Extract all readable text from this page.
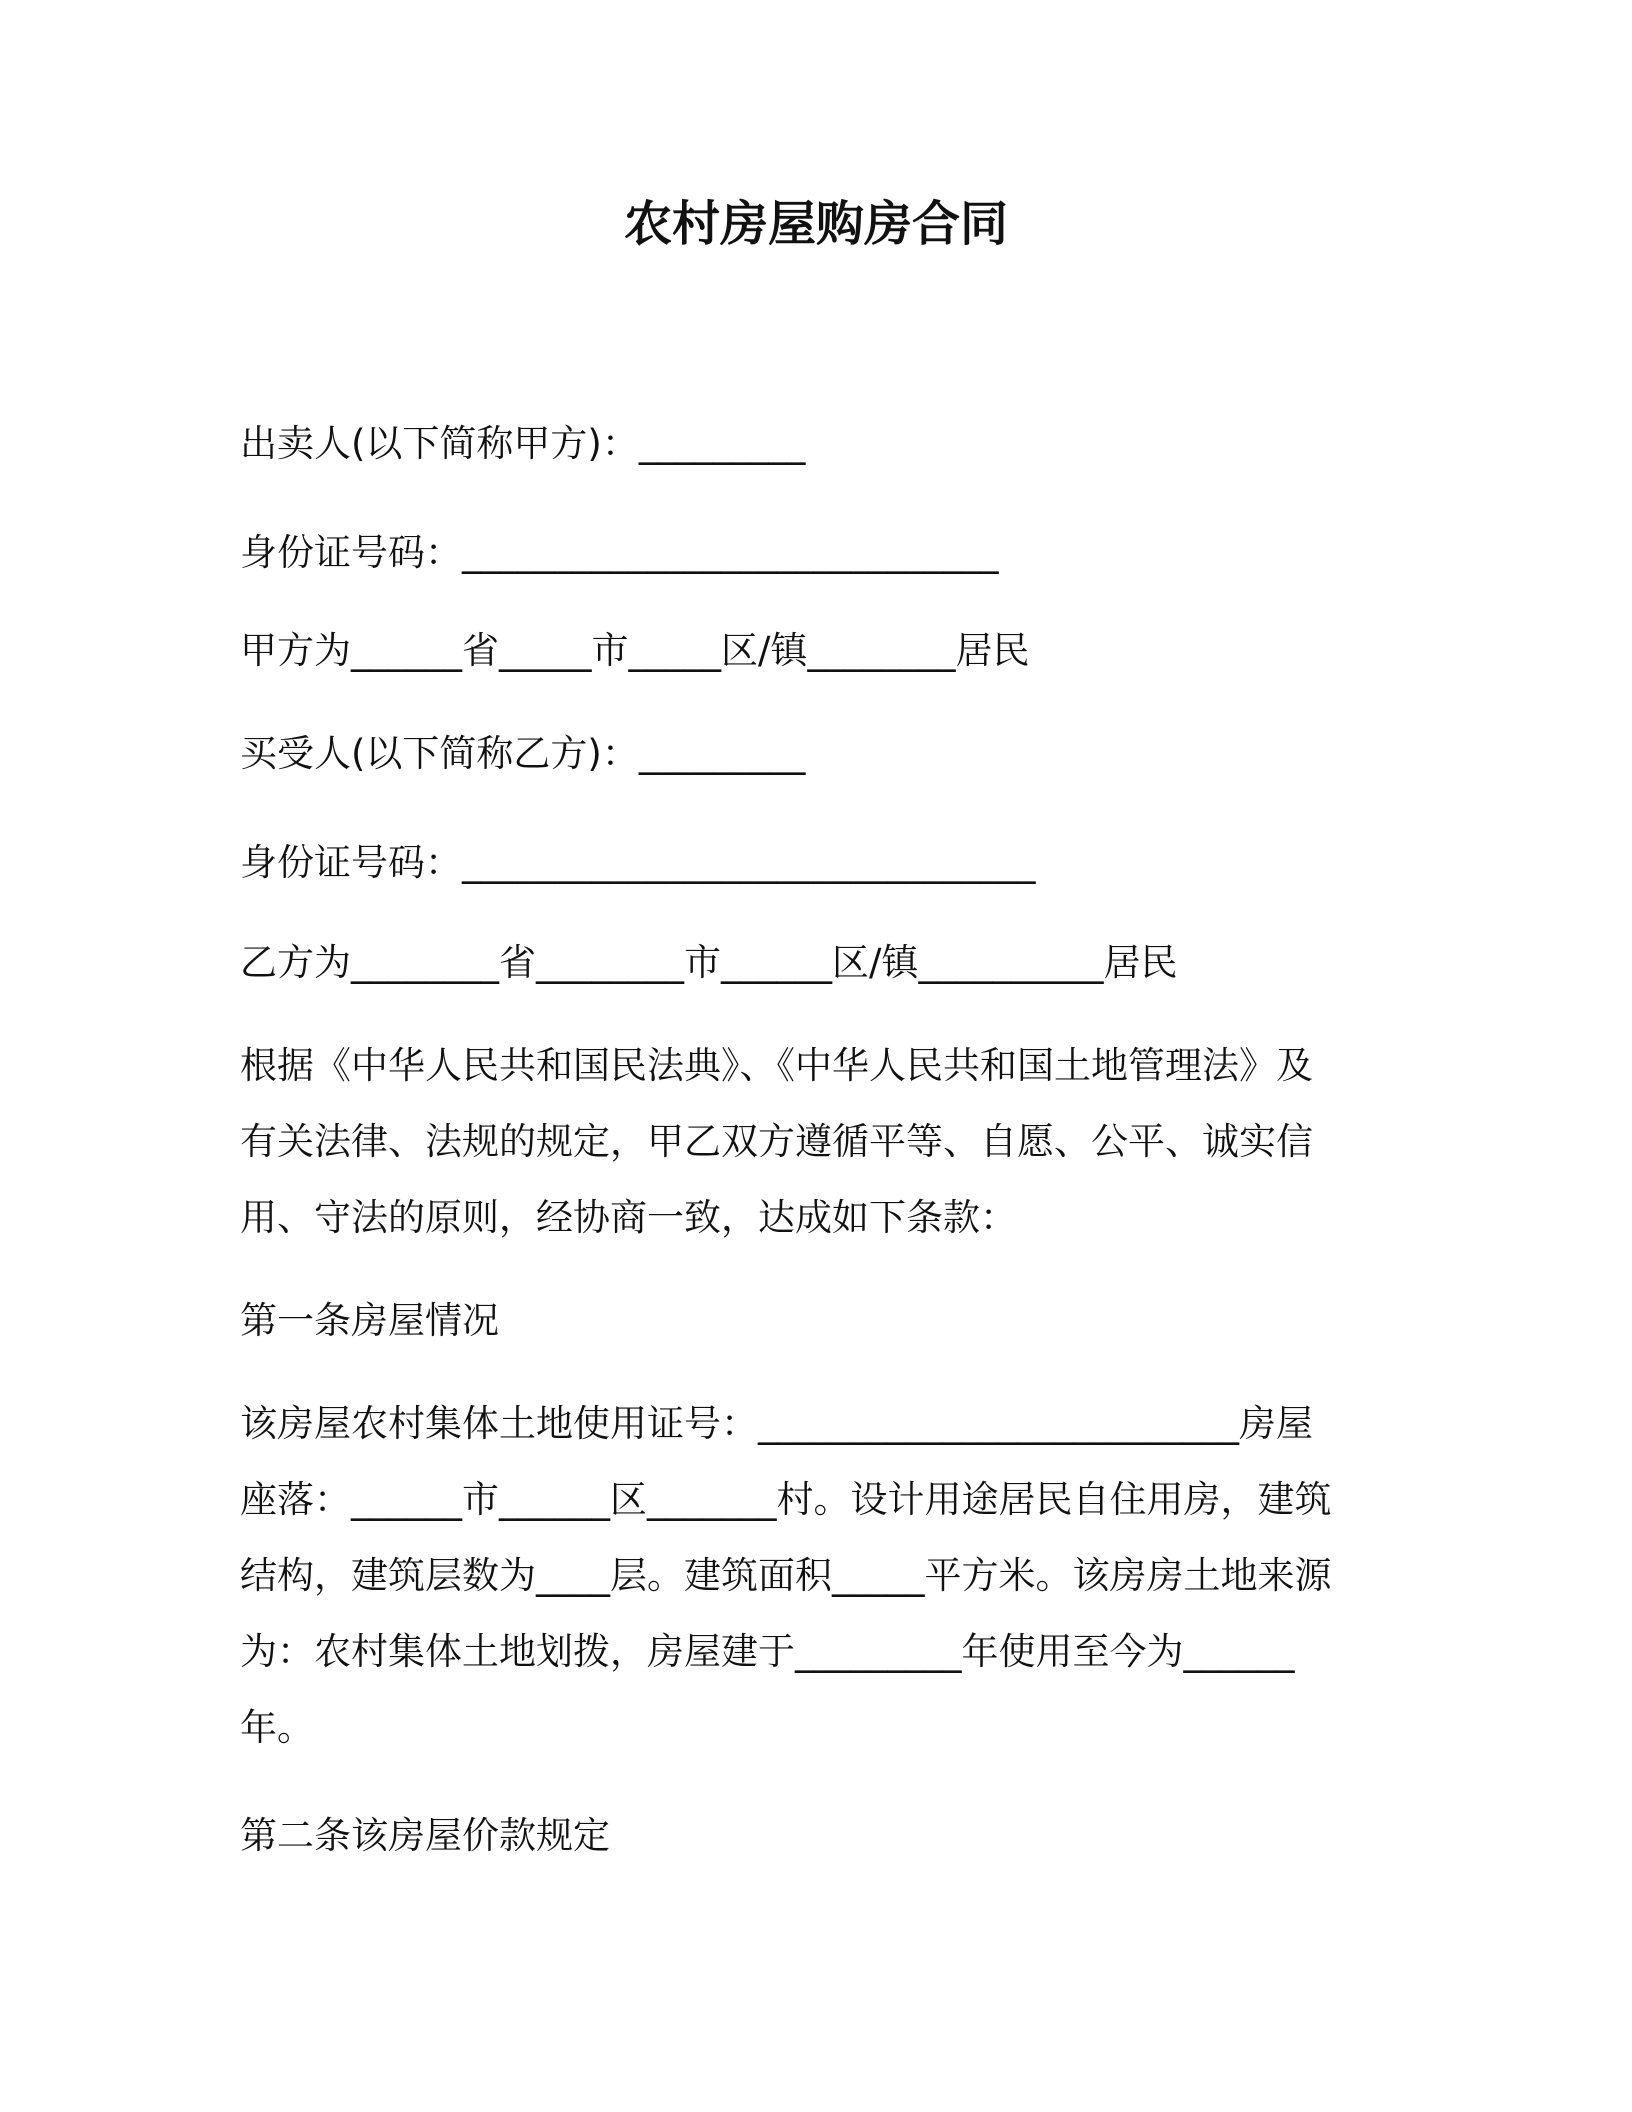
农村房屋购房合同
出卖人(以下简称甲方)：_________
身份证号码：_____________________________
甲方为______省_____市_____区/镇________居民
买受人(以下简称乙方)：_________
身份证号码：_______________________________
乙方为________省________市______区/镇__________居民
根据《中华人民共和国民法典》、《中华人民共和国土地管理法》及
有关法律、法规的规定，甲乙双方遵循平等、自愿、公平、诚实信
用、守法的原则，经协商一致，达成如下条款：
第一条房屋情况
该房屋农村集体土地使用证号：__________________________房屋
座落：______市______区_______村。设计用途居民自住用房，建筑
结构，建筑层数为____层。建筑面积_____平方米。该房房土地来源
为：农村集体土地划拨，房屋建于_________年使用至今为______
年。
第二条该房屋价款规定
